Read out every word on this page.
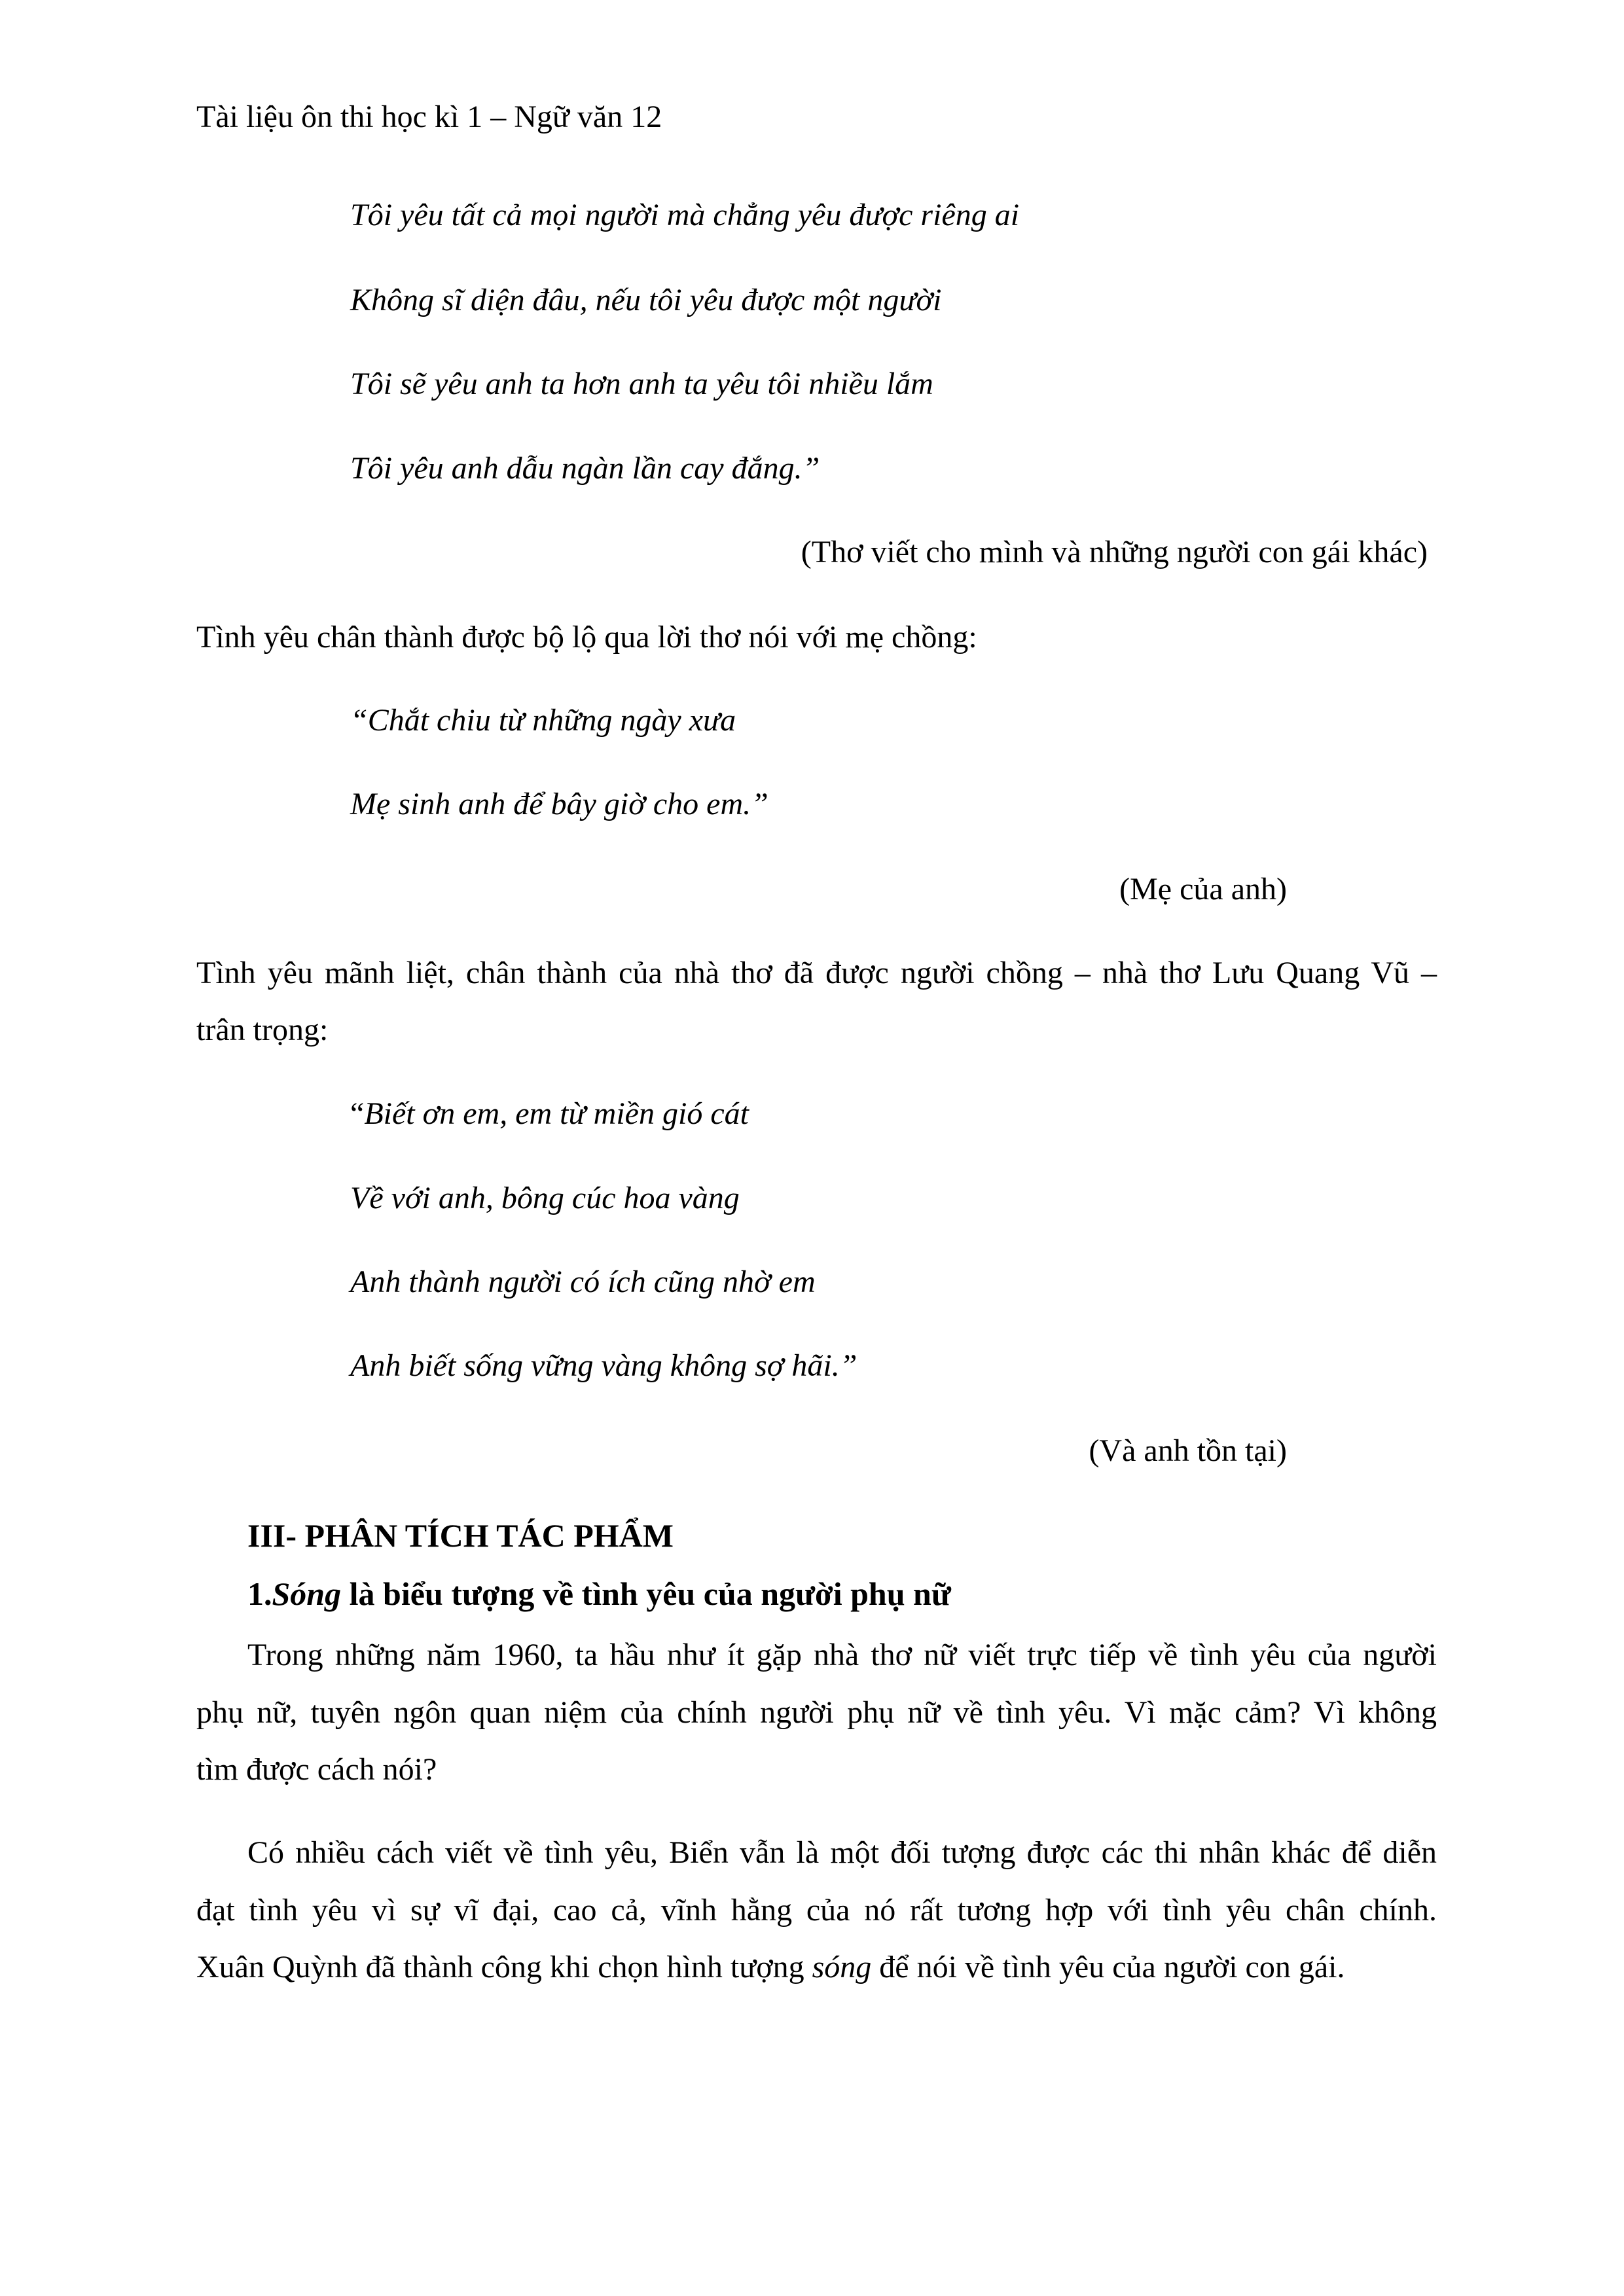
Tài liệu ôn thi học kì 1 – Ngữ văn 12

Tôi yêu tất cả mọi người mà chẳng yêu được riêng ai

Không sĩ diện đâu, nếu tôi yêu được một người

Tôi sẽ yêu anh ta hơn anh ta yêu tôi nhiều lắm

Tôi yêu anh dẫu ngàn lần cay đắng.”

(Thơ viết cho mình và những người con gái khác)

Tình yêu chân thành được bộ lộ qua lời thơ nói với mẹ chồng:

“Chắt chiu từ những ngày xưa

Mẹ sinh anh để bây giờ cho em.”

(Mẹ của anh)

Tình yêu mãnh liệt, chân thành của nhà thơ đã được người chồng – nhà thơ Lưu Quang Vũ –

trân trọng:

“Biết ơn em, em từ miền gió cát

Về với anh, bông cúc hoa vàng

Anh thành người có ích cũng nhờ em

Anh biết sống vững vàng không sợ hãi.”

(Và anh tồn tại)

III- PHÂN TÍCH TÁC PHẨM

1.Sóng là biểu tượng về tình yêu của người phụ nữ

Trong những năm 1960, ta hầu như ít gặp nhà thơ nữ viết trực tiếp về tình yêu của người

phụ nữ, tuyên ngôn quan niệm của chính người phụ nữ về tình yêu. Vì mặc cảm? Vì không

tìm được cách nói?

Có nhiều cách viết về tình yêu, Biển vẫn là một đối tượng được các thi nhân khác để diễn

đạt tình yêu vì sự vĩ đại, cao cả, vĩnh hằng của nó rất tương hợp với tình yêu chân chính.

Xuân Quỳnh đã thành công khi chọn hình tượng sóng để nói về tình yêu của người con gái.
